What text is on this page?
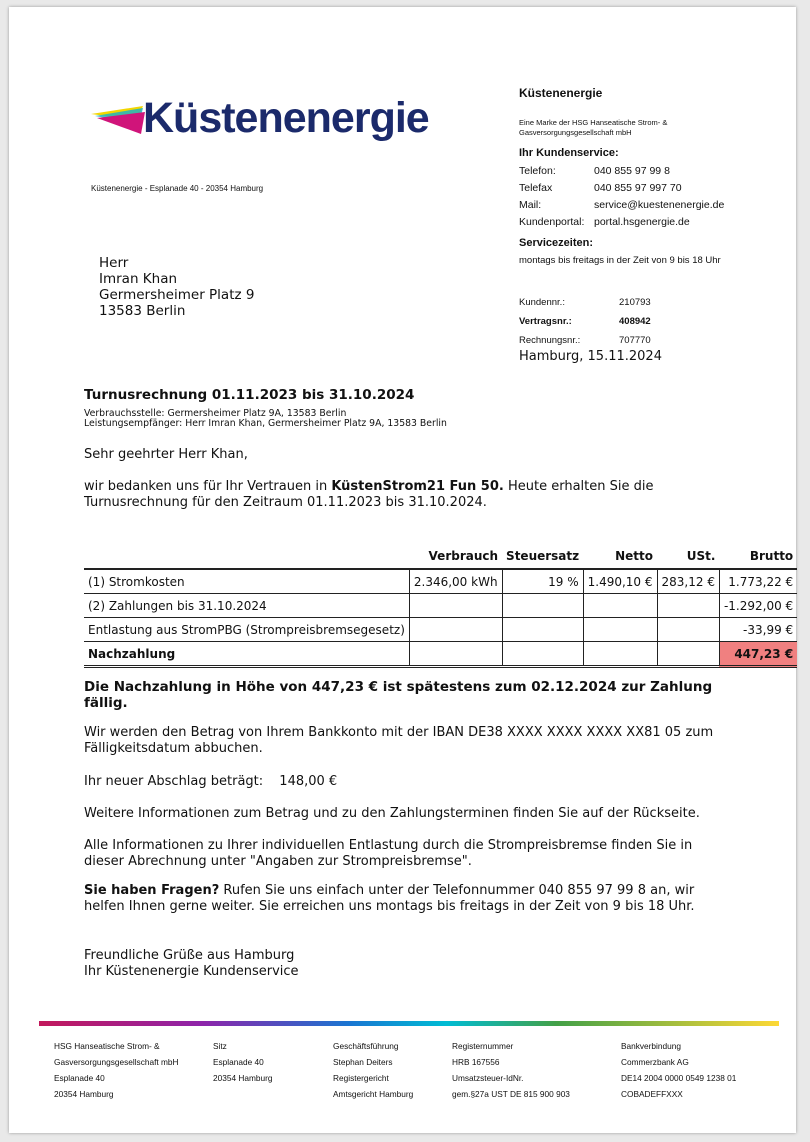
Küstenenergie
Küstenenergie - Esplanade 40 - 20354 Hamburg
Küstenenergie
Eine Marke der HSG Hanseatische Strom- & Gasversorgungsgesellschaft mbH
Ihr Kundenservice:
Telefon:	040 855 97 99 8
Telefax	040 855 97 997 70
Mail:	service@kuestenenergie.de
Kundenportal: portal.hsgenergie.de
Servicezeiten:
montags bis freitags in der Zeit von 9 bis 18 Uhr
Kundennr.:	210793
Vertragsnr.:	408942
Rechnungsnr.:	707770
Hamburg, 15.11.2024
Herr
Imran Khan
Germersheimer Platz 9
13583 Berlin
Turnusrechnung 01.11.2023 bis 31.10.2024
Verbrauchsstelle: Germersheimer Platz 9A, 13583 Berlin
Leistungsempfänger: Herr Imran Khan, Germersheimer Platz 9A, 13583 Berlin
Sehr geehrter Herr Khan,
wir bedanken uns für Ihr Vertrauen in KüstenStrom21 Fun 50. Heute erhalten Sie die Turnusrechnung für den Zeitraum 01.11.2023 bis 31.10.2024.
	Verbrauch	Steuersatz	Netto	USt.	Brutto
(1) Stromkosten	2.346,00 kWh	19 %	1.490,10 €	283,12 €	1.773,22 €
(2) Zahlungen bis 31.10.2024					-1.292,00 €
Entlastung aus StromPBG (Strompreisbremsegesetz)					-33,99 €
Nachzahlung					447,23 €
Die Nachzahlung in Höhe von 447,23 € ist spätestens zum 02.12.2024 zur Zahlung fällig.
Wir werden den Betrag von Ihrem Bankkonto mit der IBAN DE38 XXXX XXXX XXXX XX81 05 zum Fälligkeitsdatum abbuchen.
Ihr neuer Abschlag beträgt: 148,00 €
Weitere Informationen zum Betrag und zu den Zahlungsterminen finden Sie auf der Rückseite.
Alle Informationen zu Ihrer individuellen Entlastung durch die Strompreisbremse finden Sie in dieser Abrechnung unter "Angaben zur Strompreisbremse".
Sie haben Fragen? Rufen Sie uns einfach unter der Telefonnummer 040 855 97 99 8 an, wir helfen Ihnen gerne weiter. Sie erreichen uns montags bis freitags in der Zeit von 9 bis 18 Uhr.
Freundliche Grüße aus Hamburg
Ihr Küstenenergie Kundenservice
HSG Hanseatische Strom- &
Gasversorgungsgesellschaft mbH
Esplanade 40
20354 Hamburg
Sitz
Esplanade 40
20354 Hamburg
Geschäftsführung
Stephan Deiters
Registergericht
Amtsgericht Hamburg
Registernummer
HRB 167556
Umsatzsteuer-IdNr.
gem.§27a UST DE 815 900 903
Bankverbindung
Commerzbank AG
DE14 2004 0000 0549 1238 01
COBADEFFXXX
